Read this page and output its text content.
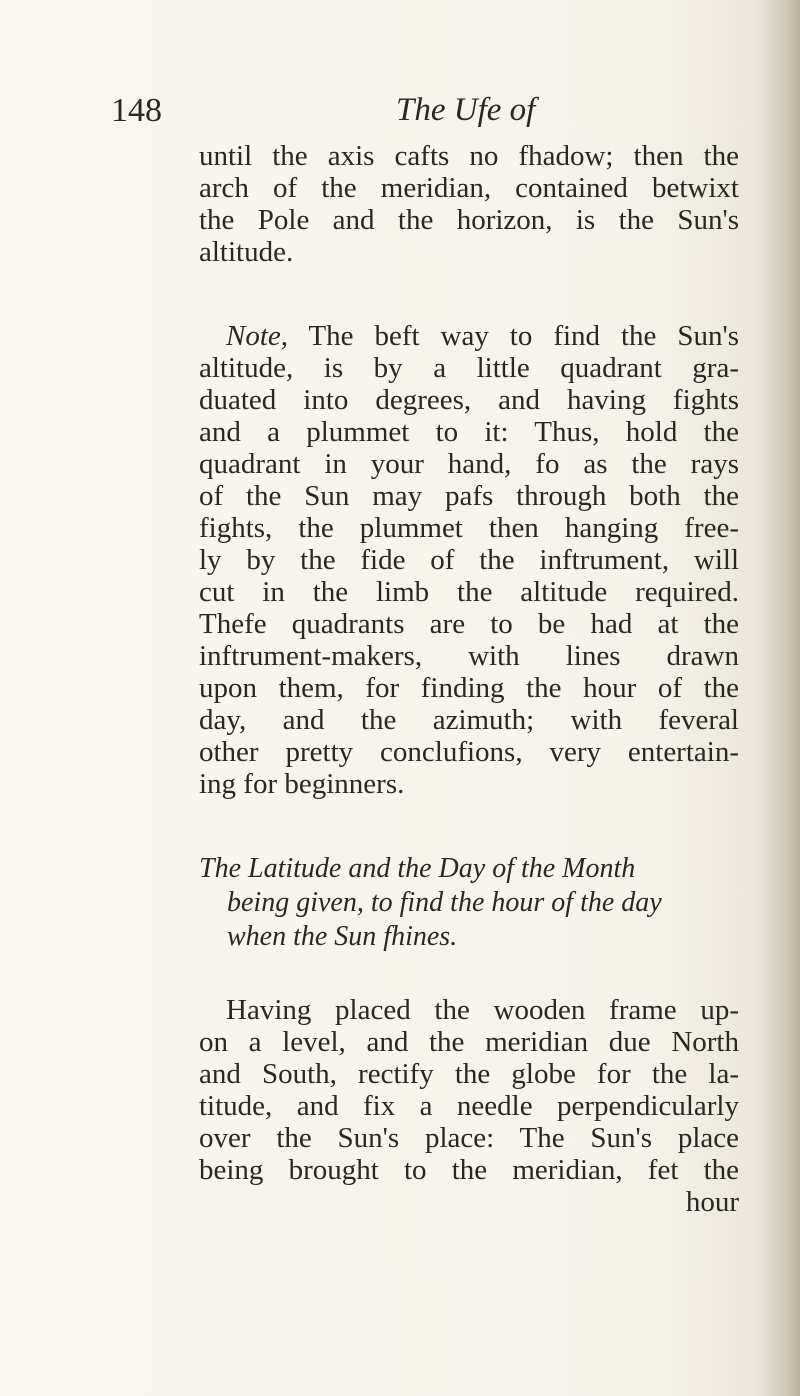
148	The Ufe of
until the axis cafts no fhadow; then the
arch of the meridian, contained betwixt
the Pole and the horizon, is the Sun's
altitude.
Note, The beft way to find the Sun's
altitude, is by a little quadrant gra-
duated into degrees, and having fights
and a plummet to it: Thus, hold the
quadrant in your hand, fo as the rays
of the Sun may pafs through both the
fights, the plummet then hanging free-
ly by the fide of the inftrument, will
cut in the limb the altitude required.
Thefe quadrants are to be had at the
inftrument-makers, with lines drawn
upon them, for finding the hour of the
day, and the azimuth; with feveral
other pretty conclufions, very entertain-
ing for beginners.
The Latitude and the Day of the Month
being given, to find the hour of the day
when the Sun fhines.
Having placed the wooden frame up-
on a level, and the meridian due North
and South, rectify the globe for the la-
titude, and fix a needle perpendicularly
over the Sun's place: The Sun's place
being brought to the meridian, fet the
hour
